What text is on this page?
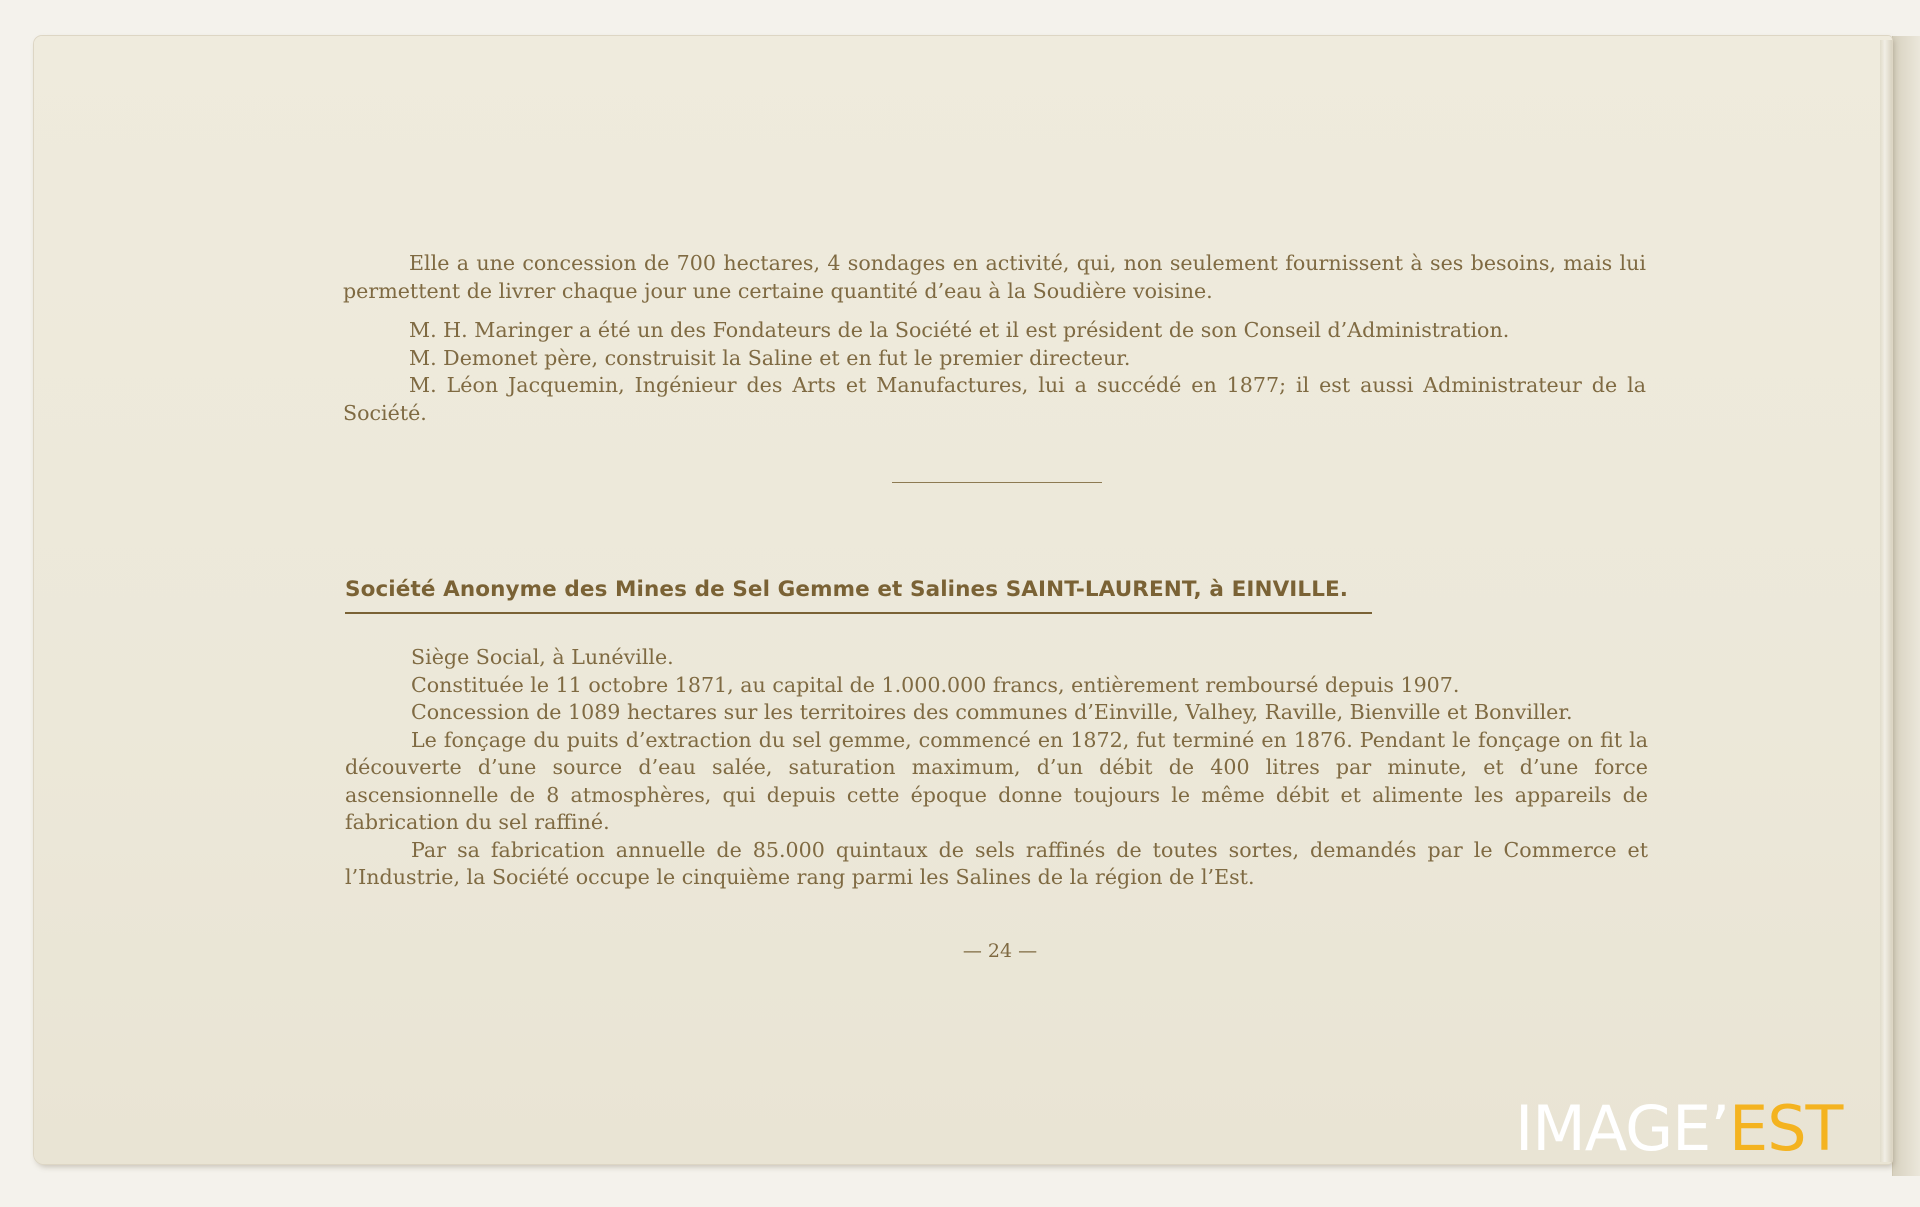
Elle a une concession de 700 hectares, 4 sondages en activité, qui, non seulement fournissent à ses besoins, mais lui permettent de livrer chaque jour une certaine quantité d’eau à la Soudière voisine.

M. H. Maringer a été un des Fondateurs de la Société et il est président de son Conseil d’Administration.

M. Demonet père, construisit la Saline et en fut le premier directeur.

M. Léon Jacquemin, Ingénieur des Arts et Manufactures, lui a succédé en 1877; il est aussi Administrateur de la Société.

Société Anonyme des Mines de Sel Gemme et Salines SAINT-LAURENT, à EINVILLE.

Siège Social, à Lunéville.

Constituée le 11 octobre 1871, au capital de 1.000.000 francs, entièrement remboursé depuis 1907.

Concession de 1089 hectares sur les territoires des communes d’Einville, Valhey, Raville, Bienville et Bonviller.

Le fonçage du puits d’extraction du sel gemme, commencé en 1872, fut terminé en 1876. Pendant le fonçage on fit la découverte d’une source d’eau salée, saturation maximum, d’un débit de 400 litres par minute, et d’une force ascensionnelle de 8 atmosphères, qui depuis cette époque donne toujours le même débit et alimente les appareils de fabrication du sel raffiné.

Par sa fabrication annuelle de 85.000 quintaux de sels raffinés de toutes sortes, demandés par le Commerce et l’Industrie, la Société occupe le cinquième rang parmi les Salines de la région de l’Est.

— 24 —
IMAGE’EST
